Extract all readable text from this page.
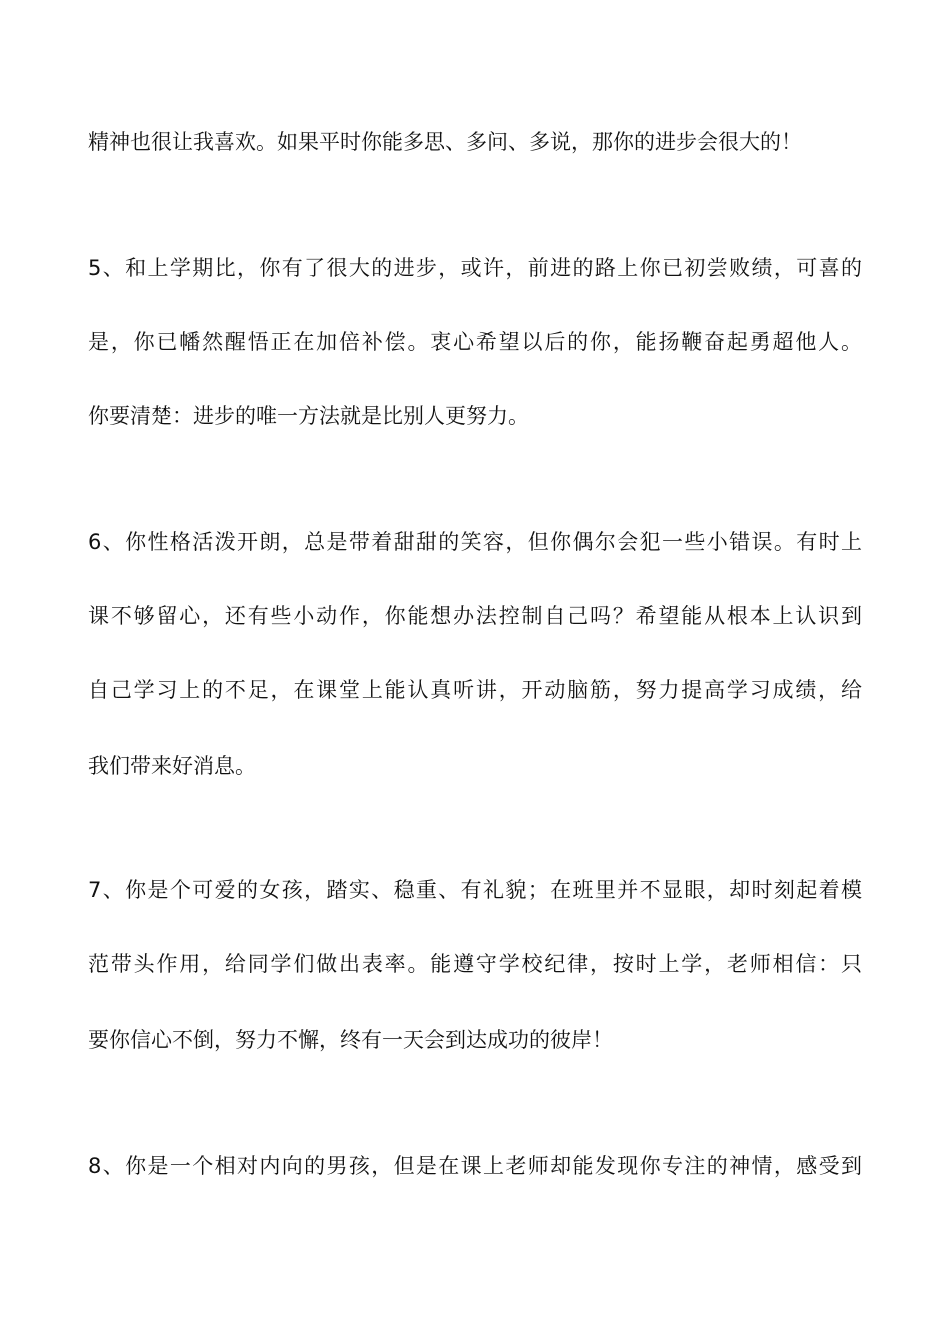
精神也很让我喜欢。如果平时你能多思、多问、多说，那你的进步会很大的！
5、和上学期比，你有了很大的进步，或许，前进的路上你已初尝败绩，可喜的
是，你已幡然醒悟正在加倍补偿。衷心希望以后的你，能扬鞭奋起勇超他人。
你要清楚：进步的唯一方法就是比别人更努力。
6、你性格活泼开朗，总是带着甜甜的笑容，但你偶尔会犯一些小错误。有时上
课不够留心，还有些小动作，你能想办法控制自己吗？希望能从根本上认识到
自己学习上的不足，在课堂上能认真听讲，开动脑筋，努力提高学习成绩，给
我们带来好消息。
7、你是个可爱的女孩，踏实、稳重、有礼貌；在班里并不显眼，却时刻起着模
范带头作用，给同学们做出表率。能遵守学校纪律，按时上学，老师相信：只
要你信心不倒，努力不懈，终有一天会到达成功的彼岸！
8、你是一个相对内向的男孩，但是在课上老师却能发现你专注的神情，感受到
